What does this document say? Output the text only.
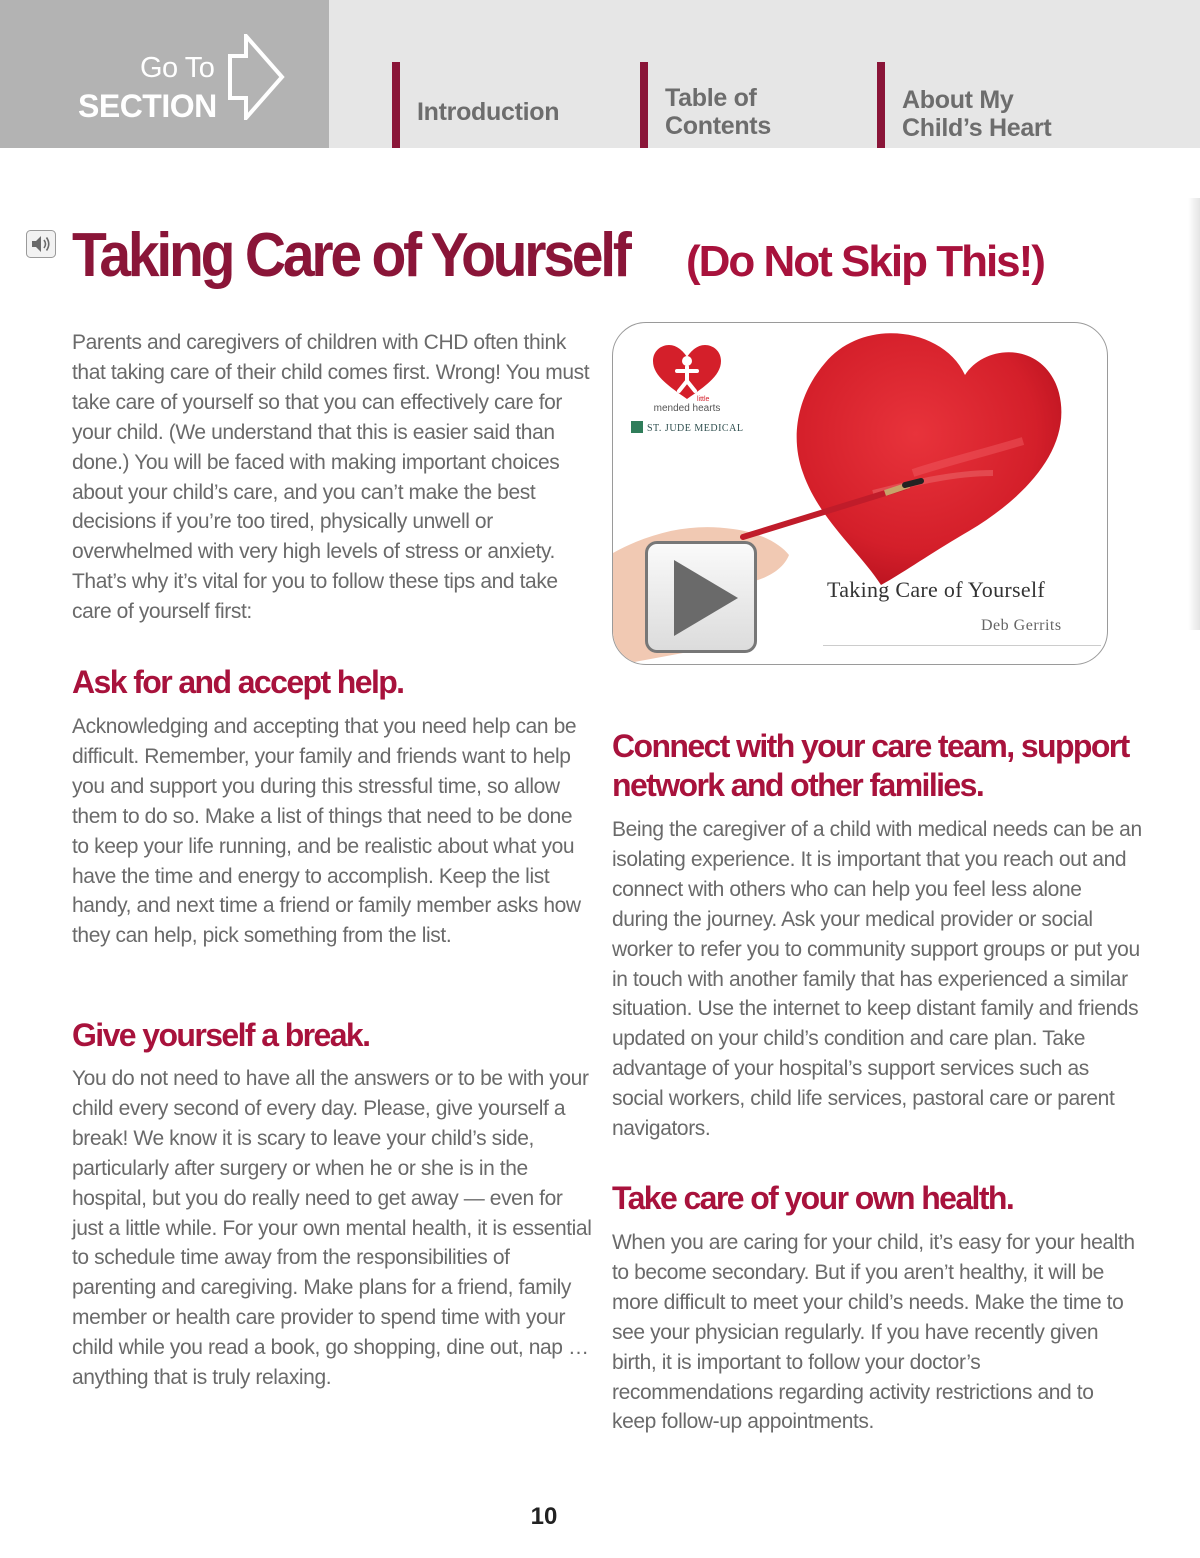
Go To
SECTION	Introduction	Table of
Contents
About My
Child’s Heart
Taking Care of Yourself (Do Not Skip This!)

Parents and caregivers of children with CHD often think that taking care of their child comes first. Wrong! You must take care of yourself so that you can effectively care for your child. (We understand that this is easier said than done.) You will be faced with making important choices about your child’s care, and you can’t make the best decisions if you’re too tired, physically unwell or overwhelmed with very high levels of stress or anxiety. That’s why it’s vital for you to follow these tips and take care of yourself first:

Ask for and accept help.

Acknowledging and accepting that you need help can be difficult. Remember, your family and friends want to help you and support you during this stressful time, so allow them to do so. Make a list of things that need to be done to keep your life running, and be realistic about what you have the time and energy to accomplish. Keep the list handy, and next time a friend or family member asks how they can help, pick something from the list.

Give yourself a break.

You do not need to have all the answers or to be with your child every second of every day. Please, give yourself a break! We know it is scary to leave your child’s side, particularly after surgery or when he or she is in the hospital, but you do really need to get away — even for just a little while. For your own mental health, it is essential to schedule time away from the responsibilities of parenting and caregiving. Make plans for a friend, family member or health care provider to spend time with your child while you read a book, go shopping, dine out, nap … anything that is truly relaxing.

mended hearts
little
ST. JUDE MEDICAL
Taking Care of Yourself
Deb Gerrits
Connect with your care team, support network and other families.

Being the caregiver of a child with medical needs can be an isolating experience. It is important that you reach out and connect with others who can help you feel less alone during the journey. Ask your medical provider or social worker to refer you to community support groups or put you in touch with another family that has experienced a similar situation. Use the internet to keep distant family and friends updated on your child’s condition and care plan. Take advantage of your hospital’s support services such as social workers, child life services, pastoral care or parent navigators.

Take care of your own health.

When you are caring for your child, it’s easy for your health to become secondary. But if you aren’t healthy, it will be more difficult to meet your child’s needs. Make the time to see your physician regularly. If you have recently given birth, it is important to follow your doctor’s recommendations regarding activity restrictions and to keep follow-up appointments.

10
